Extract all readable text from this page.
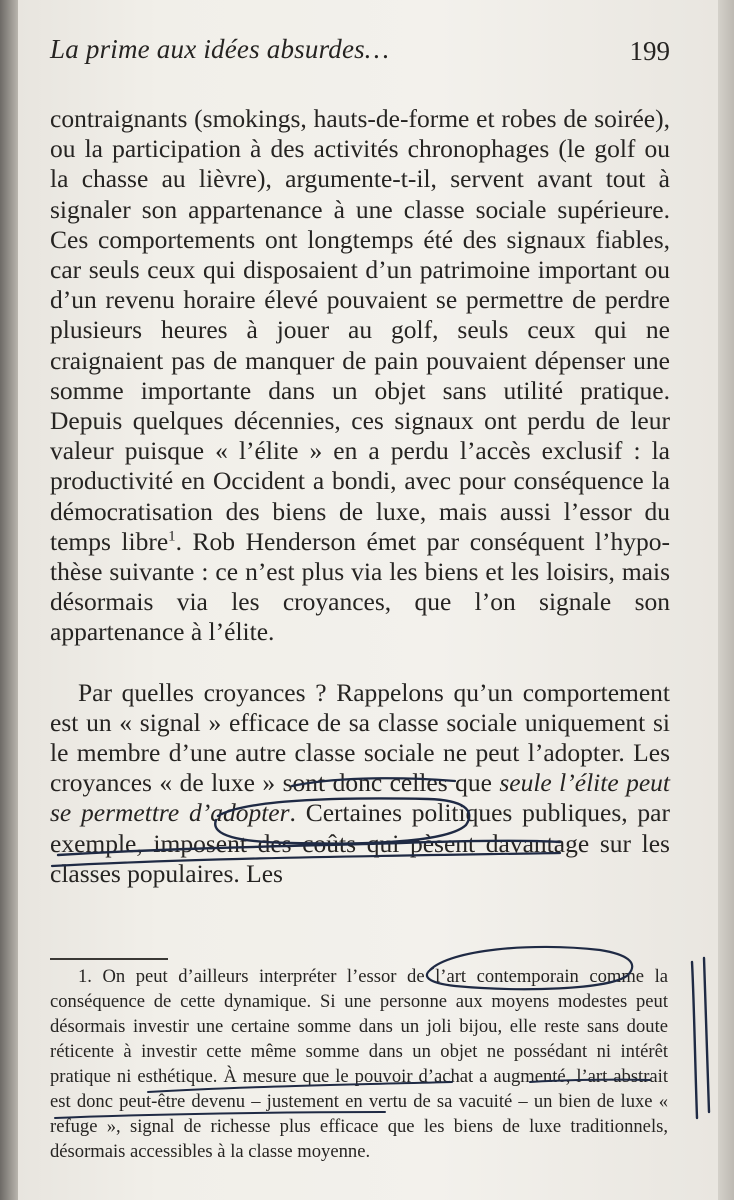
La prime aux idées absurdes…	199

contraignants (smokings, hauts-de-forme et robes de soirée), ou la participation à des activités chronophages (le golf ou la chasse au lièvre), argumente-t-il, servent avant tout à signaler son appartenance à une classe sociale supérieure. Ces comportements ont longtemps été des signaux fiables, car seuls ceux qui disposaient d’un patrimoine important ou d’un revenu horaire élevé pouvaient se permettre de perdre plusieurs heures à jouer au golf, seuls ceux qui ne craignaient pas de manquer de pain pouvaient dépenser une somme importante dans un objet sans utilité pratique. Depuis quelques décennies, ces signaux ont perdu de leur valeur puisque « l’élite » en a perdu l’accès exclusif : la productivité en Occident a bondi, avec pour conséquence la démocratisation des biens de luxe, mais aussi l’essor du temps libre$^1$. Rob Henderson émet par conséquent l’hypothèse suivante : ce n’est plus via les biens et les loisirs, mais désormais via les croyances, que l’on signale son appartenance à l’élite.

Par quelles croyances ? Rappelons qu’un comportement est un « signal » efficace de sa classe sociale uniquement si le membre d’une autre classe sociale ne peut l’adopter. Les croyances « de luxe » sont donc celles que seule l’élite peut se permettre d’adopter. Certaines politiques publiques, par exemple, imposent des coûts qui pèsent davantage sur les classes populaires. Les

1. On peut d’ailleurs interpréter l’essor de l’art contemporain comme la conséquence de cette dynamique. Si une personne aux moyens modestes peut désormais investir une certaine somme dans un joli bijou, elle reste sans doute réticente à investir cette même somme dans un objet ne possédant ni intérêt pratique ni esthétique. À mesure que le pouvoir d’achat a augmenté, l’art abstrait est donc peut-être devenu – justement en vertu de sa vacuité – un bien de luxe « refuge », signal de richesse plus efficace que les biens de luxe traditionnels, désormais accessibles à la classe moyenne.
